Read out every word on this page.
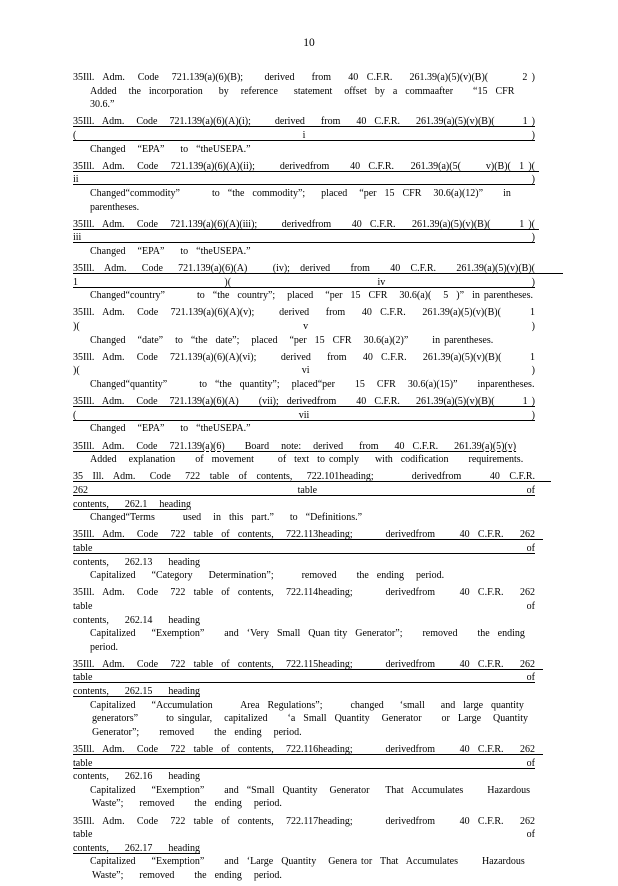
10
35Ill.  Adm.   Code   721.139(a)(6)(B);     derived    from    40  C.F.R.    261.39(a)(5)(v)(B)(        2 )
Added   the  incorporation    by   reference    statement   offset  by  a  commaafter     “15  CFR  30.6.”
35Ill.  Adm.   Code   721.139(a)(6)(A)(i);      derived    from    40  C.F.R.    261.39(a)(5)(v)(B)(       1 )( i )
Changed   “EPA”    to  “theUSEPA.”
35Ill.  Adm.   Code   721.139(a)(6)(A)(ii);      derivedfrom     40  C.F.R.    261.39(a)(5(      v)(B)(  1 )( ii )
Changed“commodity”        to  “the  commodity”;    placed   “per  15  CFR   30.6(a)(12)”     in parentheses.
35Ill.  Adm.   Code   721.139(a)(6)(A)(iii);      derivedfrom     40  C.F.R.    261.39(a)(5)(v)(B)(       1 )( iii )
Changed   “EPA”    to  “theUSEPA.”
35Ill.  Adm.   Code   721.139(a)(6)(A)     (iv);  derived    from    40  C.F.R.    261.39(a)(5)(v)(B)(       1 )( iv )
Changed“country”        to  “the  country”;   placed   “per  15  CFR   30.6(a)(   5  )”  in parentheses.
35Ill.  Adm.   Code   721.139(a)(6)(A)(v);      derived    from    40  C.F.R.    261.39(a)(5)(v)(B)(       1 )( v )
Changed   “date”   to  “the  date”;   placed   “per  15  CFR   30.6(a)(2)”      in parentheses.
35Ill.  Adm.   Code   721.139(a)(6)(A)(vi);      derived    from    40  C.F.R.    261.39(a)(5)(v)(B)(       1 )( vi )
Changed“quantity”        to  “the  quantity”;   placed“per     15   CFR   30.6(a)(15)”     inparentheses.
35Ill.  Adm.   Code   721.139(a)(6)(A)     (vii);  derivedfrom     40  C.F.R.    261.39(a)(5)(v)(B)(       1 )( vii )
Changed   “EPA”    to  “theUSEPA.”
35Ill.  Adm.   Code   721.139(a)(6)     Board   note:   derived    from    40  C.F.R.    261.39(a)(5)(v)
Added   explanation     of  movement      of  text  to comply    with  codification     requirements.
35  Ill.  Adm.   Code   722  table  of  contents,   722.101heading;        derivedfrom      40  C.F.R.    262  table  of
contents,    262.1   heading
Changed“Terms       used   in  this  part.”    to  “Definitions.”
35Ill.  Adm.   Code   722  table  of  contents,   722.113heading;        derivedfrom      40  C.F.R.    262  table  of
contents,    262.13    heading
Capitalized    “Category    Determination”;       removed     the  ending   period.
35Ill.  Adm.   Code   722  table  of  contents,   722.114heading;        derivedfrom      40  C.F.R.    262  table  of
contents,    262.14    heading
Capitalized    “Exemption”     and  ‘Very  Small  Quan tity  Generator”;     removed     the  ending   period.
35Ill.  Adm.   Code   722  table  of  contents,   722.115heading;        derivedfrom      40  C.F.R.    262  table  of
contents,    262.15    heading
Capitalized    “Accumulation       Area  Regulations”;       changed    ‘small    and  large  quantity
generators”       to singular,   capitalized     ‘a  Small  Quantity   Generator     or  Large   Quantity
Generator”;     removed     the  ending   period.
35Ill.  Adm.   Code   722  table  of  contents,   722.116heading;        derivedfrom      40  C.F.R.    262  table  of
contents,    262.16    heading
Capitalized    “Exemption”     and  “Small  Quantity   Generator    That  Accumulates      Hazardous
Waste”;    removed     the  ending   period.
35Ill.  Adm.   Code   722  table  of  contents,   722.117heading;        derivedfrom      40  C.F.R.    262  table  of
contents,    262.17    heading
Capitalized    “Exemption”     and  ‘Large  Quantity   Genera tor  That  Accumulates      Hazardous
Waste”;    removed     the  ending   period.
